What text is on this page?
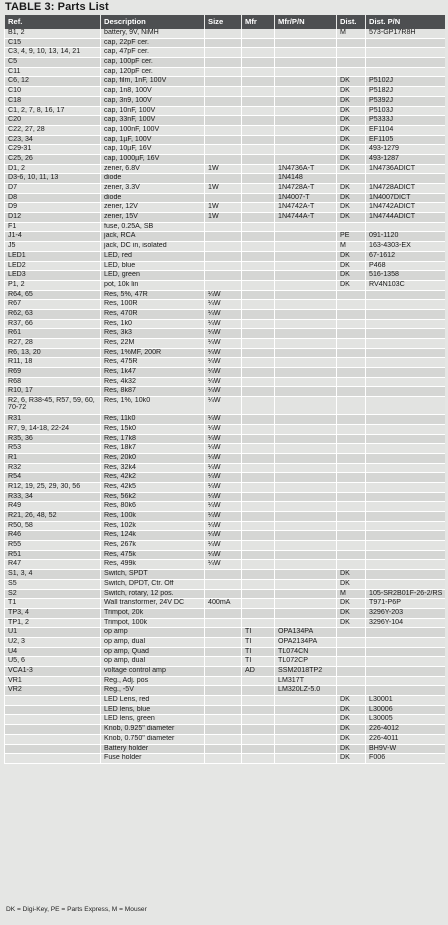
TABLE 3: Parts List
Ref.	Description	Size	Mfr	Mfr/P/N	Dist.	Dist. P/N
B1, 2	battery, 9V, NiMH				M	573-GP17R8H
C15	cap, 22pF cer.					
C3, 4, 9, 10, 13, 14, 21	cap, 47pF cer.					
C5	cap, 100pF cer.					
C11	cap, 120pF cer.					
C6, 12	cap, film, 1nF, 100V				DK	P5102J
C10	cap, 1n8, 100V				DK	P5182J
C18	cap, 3n9, 100V				DK	P5392J
C1, 2, 7, 8, 16, 17	cap, 10nF, 100V				DK	P5103J
C20	cap, 33nF, 100V				DK	P5333J
C22, 27, 28	cap, 100nF, 100V				DK	EF1104
C23, 34	cap, 1µF, 100V				DK	EF1105
C29-31	cap, 10µF, 16V				DK	493-1279
C25, 26	cap, 1000µF, 16V				DK	493-1287
D1, 2	zener, 6.8V	1W		1N4736A-T	DK	1N4736ADICT
D3-6, 10, 11, 13	diode			1N4148		
D7	zener, 3.3V	1W		1N4728A-T	DK	1N4728ADICT
D8	diode			1N4007-T	DK	1N4007DICT
D9	zener, 12V	1W		1N4742A-T	DK	1N4742ADICT
D12	zener, 15V	1W		1N4744A-T	DK	1N4744ADICT
F1	fuse, 0.25A, SB					
J1-4	jack, RCA				PE	091-1120
J5	jack, DC in, isolated				M	163-4303-EX
LED1	LED, red				DK	67-1612
LED2	LED, blue				DK	P468
LED3	LED, green				DK	516-1358
P1, 2	pot, 10k lin				DK	RV4N103C
R64, 65	Res, 5%, 47R	¼W				
R67	Res, 100R	¼W				
R62, 63	Res, 470R	¼W				
R37, 66	Res, 1k0	¼W				
R61	Res, 3k3	¼W				
R27, 28	Res, 22M	¼W				
R6, 13, 20	Res, 1%MF, 200R	¼W				
R11, 18	Res, 475R	¼W				
R69	Res, 1k47	¼W				
R68	Res, 4k32	¼W				
R10, 17	Res, 8k87	¼W				
R2, 6, R38-45, R57, 59, 60, 70-72	Res, 1%, 10k0	¼W				
R31	Res, 11k0	¼W				
R7, 9, 14-18, 22-24	Res, 15k0	¼W				
R35, 36	Res, 17k8	¼W				
R53	Res, 18k7	¼W				
R1	Res, 20k0	¼W				
R32	Res, 32k4	¼W				
R54	Res, 42k2	¼W				
R12, 19, 25, 29, 30, 56	Res, 42k5	¼W				
R33, 34	Res, 56k2	¼W				
R49	Res, 80k6	¼W				
R21, 26, 48, 52	Res, 100k	¼W				
R50, 58	Res, 102k	¼W				
R46	Res, 124k	¼W				
R55	Res, 267k	¼W				
R51	Res, 475k	¼W				
R47	Res, 499k	¼W				
S1, 3, 4	Switch, SPDT				DK	
S5	Switch, DPDT, Ctr. Off				DK	
S2	Switch, rotary, 12 pos.				M	105-SR2B01F-26-2/RS
T1	Wall transformer, 24V DC	400mA			DK	T971-P6P
TP3, 4	Trimpot, 20k				DK	3296Y-203
TP1, 2	Trimpot, 100k				DK	3296Y-104
U1	op amp		TI	OPA134PA		
U2, 3	op amp, dual		TI	OPA2134PA		
U4	op amp, Quad		TI	TL074CN		
U5, 6	op amp, dual		TI	TL072CP		
VCA1-3	voltage control amp		AD	SSM2018TP2		
VR1	Reg., Adj. pos			LM317T		
VR2	Reg., -5V			LM320LZ-5.0		
	LED Lens, red				DK	L30001
	LED lens, blue				DK	L30006
	LED lens, green				DK	L30005
	Knob, 0.925" diameter				DK	226-4012
	Knob, 0.750" diameter				DK	226-4011
	Battery holder				DK	BH9V-W
	Fuse holder				DK	F006
DK = Digi-Key, PE = Parts Express, M = Mouser
